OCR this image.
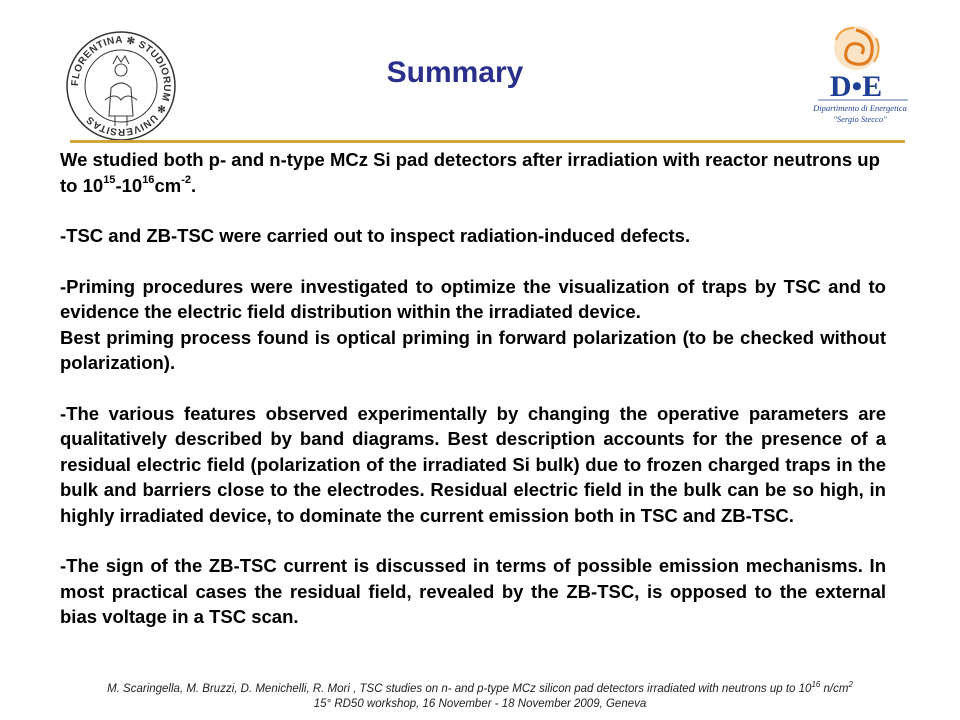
FLORENTINA ✻ STUDIORUM ✻ UNIVERSITAS
Summary	D•E
Dipartimento di Energetica
"Sergio Stecco"

We studied both p- and n-type MCz Si pad detectors after irradiation with reactor neutrons up to $10^{15}-10^{16}cm^{-2}$.

-TSC and ZB-TSC were carried out to inspect radiation-induced defects.

-Priming procedures were investigated to optimize the visualization of traps by TSC and to evidence the electric field distribution within the irradiated device.

Best priming process found is optical priming in forward polarization (to be checked without polarization).

-The various features observed experimentally by changing the operative parameters are qualitatively described by band diagrams. Best description accounts for the presence of a residual electric field (polarization of the irradiated Si bulk) due to frozen charged traps in the bulk and barriers close to the electrodes. Residual electric field in the bulk can be so high, in highly irradiated device, to dominate the current emission both in TSC and ZB-TSC.

-The sign of the ZB-TSC current is discussed in terms of possible emission mechanisms. In most practical cases the residual field, revealed by the ZB-TSC, is opposed to the external bias voltage in a TSC scan.

M. Scaringella, M. Bruzzi, D. Menichelli, R. Mori , TSC studies on n- and p-type MCz silicon pad detectors irradiated with neutrons up to $10^{16}$ $n/cm^2$
15° RD50 workshop, 16 November - 18 November 2009, Geneva
